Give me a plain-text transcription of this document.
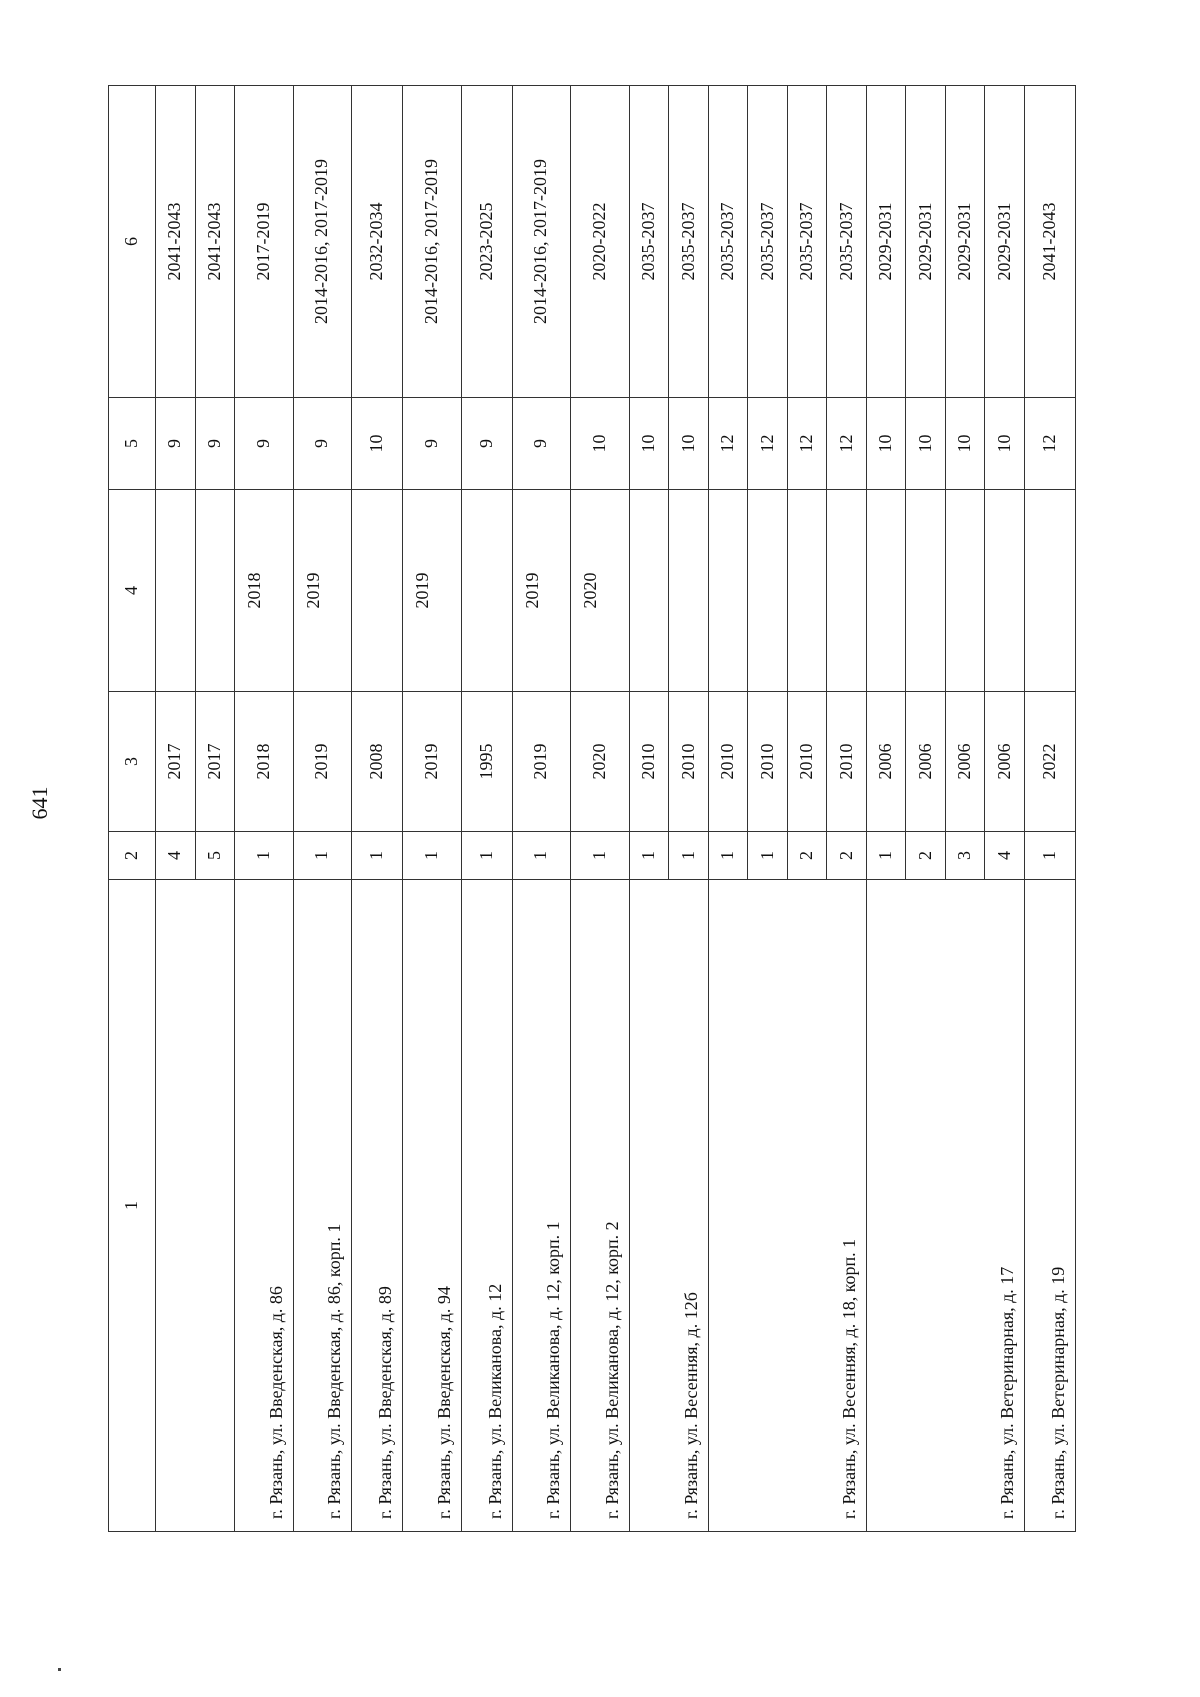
641
1	2	3	4	5	6
	4	2017		9	2041-2043
	5	2017		9	2041-2043
г. Рязань, ул. Введенская, д. 86	1	2018	2018	9	2017-2019
г. Рязань, ул. Введенская, д. 86, корп. 1	1	2019	2019	9	2014-2016, 2017-2019
г. Рязань, ул. Введенская, д. 89	1	2008		10	2032-2034
г. Рязань, ул. Введенская, д. 94	1	2019	2019	9	2014-2016, 2017-2019
г. Рязань, ул. Великанова, д. 12	1	1995		9	2023-2025
г. Рязань, ул. Великанова, д. 12, корп. 1	1	2019	2019	9	2014-2016, 2017-2019
г. Рязань, ул. Великанова, д. 12, корп. 2	1	2020	2020	10	2020-2022
г. Рязань, ул. Весенняя, д. 12б	1	2010		10	2035-2037
	1	2010		10	2035-2037
г. Рязань, ул. Весенняя, д. 18, корп. 1	1	2010		12	2035-2037
	1	2010		12	2035-2037
	2	2010		12	2035-2037
	2	2010		12	2035-2037
г. Рязань, ул. Ветеринарная, д. 17	1	2006		10	2029-2031
	2	2006		10	2029-2031
	3	2006		10	2029-2031
	4	2006		10	2029-2031
г. Рязань, ул. Ветеринарная, д. 19	1	2022		12	2041-2043
